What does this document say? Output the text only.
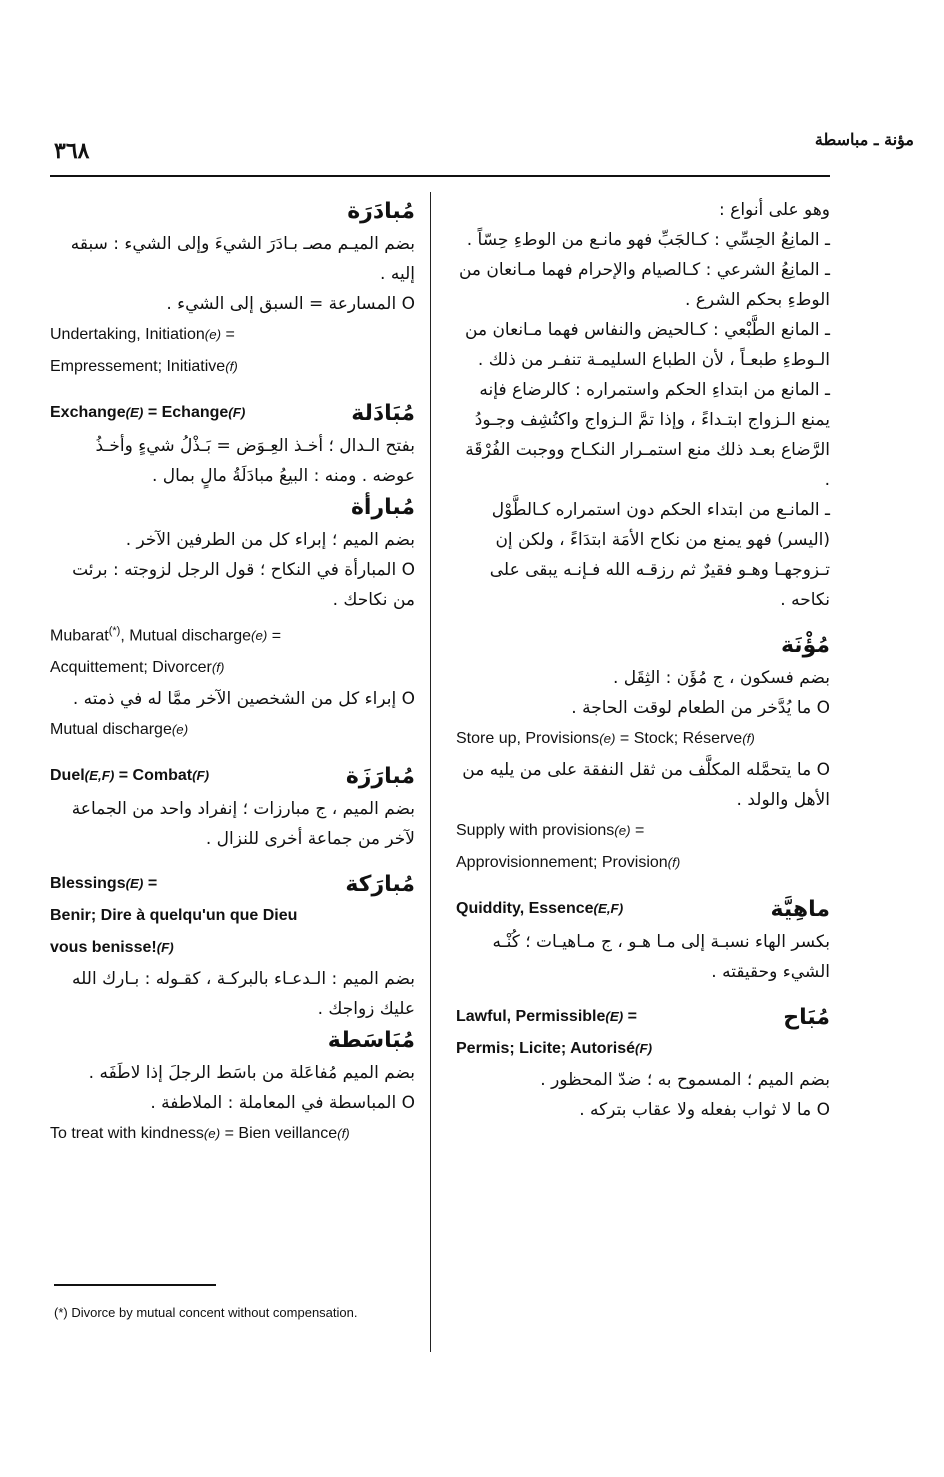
مؤنة ـ مباسطة
٣٦٨

وهو على أنواع :

ـ المانِعُ الحِسِّي : كـالجَبِّ فهو مانـع من الوطءِ حِسّاً .

ـ المانِعُ الشرعي : كـالصيام والإحرام فهما مـانعان من الوطءِ بحكم الشرع .

ـ المانع الطَّبْعي : كـالحيض والنفاس فهما مـانعان من الـوطءِ طبعـاً ، لأن الطباع السليمـة تنفـر من ذلك .

ـ المانع من ابتداءِ الحكم واستمراره : كالرضاع فإنه يمنع الـزواج ابتـداءً ، وإذا تمَّ الـزواج واكتُشِف وجـودُ الرَّضاع بعـد ذلك منع استمـرار النكـاح ووجبت الفُرْقَة .

ـ المانـع من ابتداء الحكم دون استمراره كـالطَّوْل (اليسر) فهو يمنع من نكاح الأمَة ابتدَاءً ، ولكن إن تـزوجهـا وهـو فقيرٌ ثم رزقـه الله فـإنـه يبقى على نكاحه .

مُؤْنَة

بضم فسكون ، ج مُؤَن : الثِقَل .

O ما يُدَّخر من الطعام لوقت الحاجة .

Store up, Provisions(e) = Stock; Réserve(f)

O ما يتحمَّله المكلَّف من ثقل النفقة على من يليه من الأهل والولد .

Supply with provisions(e) =

Approvisionnement; Provision(f)

Quiddity, Essence(E,F)	ماهِيَّة

بكسر الهاء نسبـة إلى مـا هـو ، ج مـاهيـات ؛ كُنْـه الشيء وحقيقته .

Lawful, Permissible(E) =

Permis; Licite; Autorisé(F)

مُبَاح

بضم الميم ؛ المسموح به ؛ ضدّ المحظور .

O ما لا ثواب بفعله ولا عقاب بتركه .

مُبادَرَة

بضم الميـم مصـ بـادَرَ الشيءَ وإلى الشيء : سبقه إليه .

O المسارعة = السبق إلى الشيء .

Undertaking, Initiation(e) =

Empressement; Initiative(f)

Exchange(E) = Echange(F)	مُبَادَلة

بفتح الـدال ؛ أخـذ العِـوَض = بَـذْلُ شيءٍ وأخـذُ عوضه . ومنه : البيعُ مبادَلَةُ مالٍ بمال .

مُبارأة

بضم الميم ؛ إبراء كل من الطرفين الآخر .

O المبارأة في النكاح ؛ قول الرجل لزوجته : برئت من نكاحك .

Mubarat(*), Mutual discharge(e) =

Acquittement; Divorcer(f)

O إبراء كل من الشخصين الآخر ممَّا له في ذمته .

Mutual discharge(e)

Duel(E,F) = Combat(F)	مُبارَزَة

بضم الميم ، ج مبارزات ؛ إنفراد واحد من الجماعة لآخر من جماعة أخرى للنزال .

Blessings(E) =

Benir; Dire à quelqu'un que Dieu

vous benisse!(F)

مُبارَكة

بضم الميم : الـدعـاء بالبركـة ، كقـوله : بـارك الله عليك زواجك .

مُبَاسَطة

بضم الميم مُفاعَلة من باسَط الرجلَ إذا لاطَفَه .

O المباسطة في المعاملة : الملاطفة .

To treat with kindness(e) = Bien veillance(f)

(*) Divorce by mutual concent without compensation.
